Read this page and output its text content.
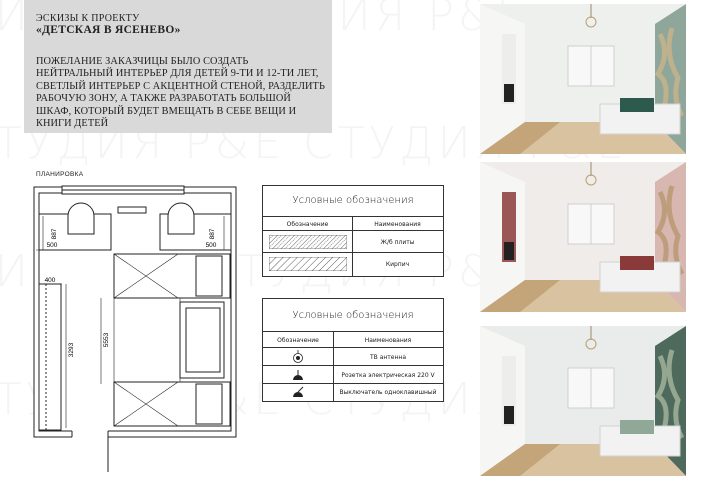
ЭСКИЗЫ К ПРОЕКТУ
«ДЕТСКАЯ В ЯСЕНЕВО»
ПОЖЕЛАНИЕ ЗАКАЗЧИЦЫ БЫЛО СОЗДАТЬ НЕЙТРАЛЬНЫЙ ИНТЕРЬЕР ДЛЯ ДЕТЕЙ 9-ТИ И 12-ТИ ЛЕТ, СВЕТЛЫЙ ИНТЕРЬЕР С АКЦЕНТНОЙ СТЕНОЙ, РАЗДЕЛИТЬ РАБОЧУЮ ЗОНУ, А ТАКЖЕ РАЗРАБОТАТЬ БОЛЬШОЙ ШКАФ, КОТОРЫЙ БУДЕТ ВМЕЩАТЬ В СЕБЕ ВЕЩИ И КНИГИ ДЕТЕЙ
ПЛАНИРОВКА
887	887
500	500
400
3293
5553
Условные обозначения
Обозначение	Наименования
Ж/б плиты
Кирпич
Условные обозначения
Обозначение	Наименования
ТВ антенна
Розетка электрическая 220 V
Выключатель одноклавишный
